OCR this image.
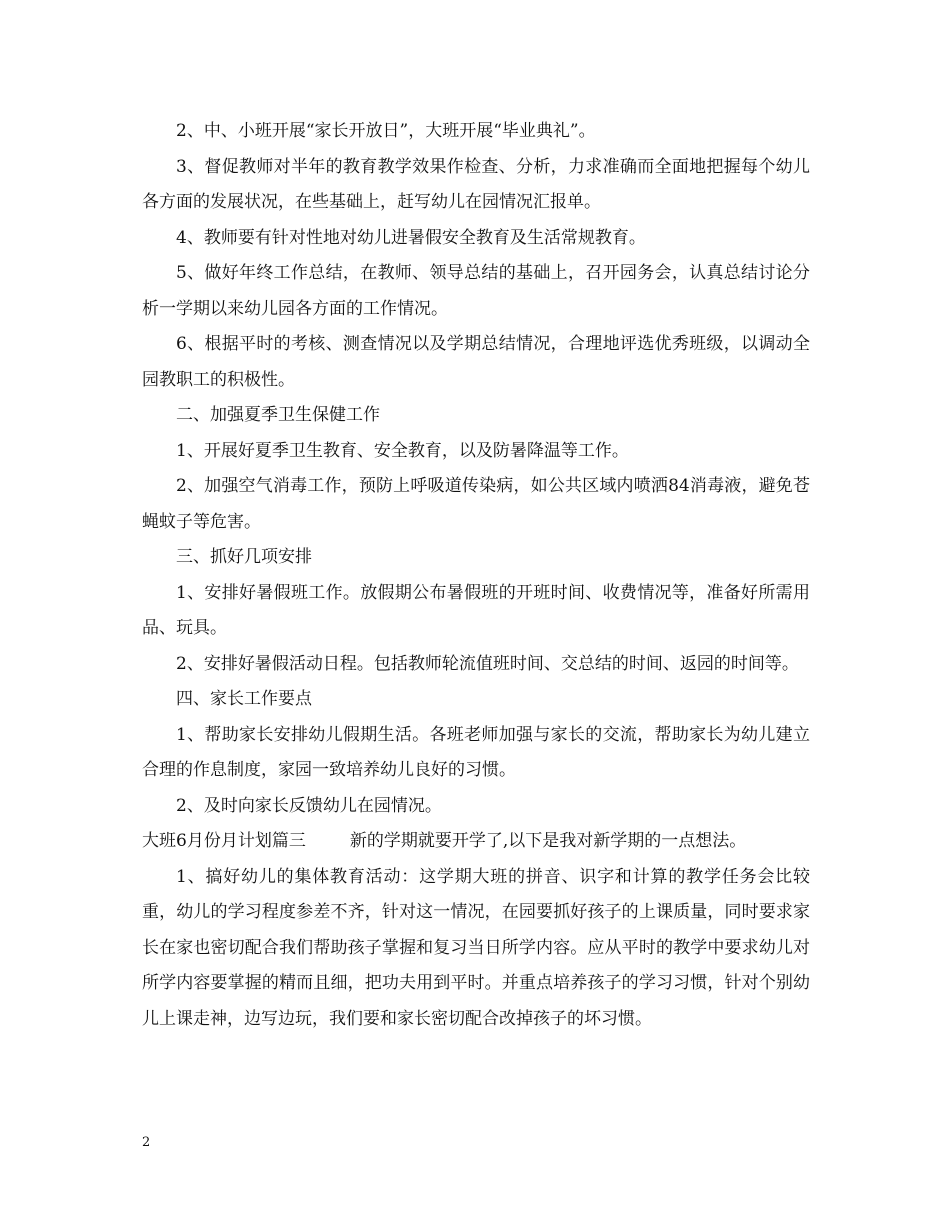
2、中、小班开展“家长开放日”，大班开展“毕业典礼”。

3、督促教师对半年的教育教学效果作检查、分析，力求准确而全面地把握每个幼儿各方面的发展状况，在些基础上，赶写幼儿在园情况汇报单。

4、教师要有针对性地对幼儿进暑假安全教育及生活常规教育。

5、做好年终工作总结，在教师、领导总结的基础上，召开园务会，认真总结讨论分析一学期以来幼儿园各方面的工作情况。

6、根据平时的考核、测查情况以及学期总结情况，合理地评选优秀班级，以调动全园教职工的积极性。

二、加强夏季卫生保健工作

1、开展好夏季卫生教育、安全教育，以及防暑降温等工作。

2、加强空气消毒工作，预防上呼吸道传染病，如公共区域内喷洒84消毒液，避免苍蝇蚊子等危害。

三、抓好几项安排

1、安排好暑假班工作。放假期公布暑假班的开班时间、收费情况等，准备好所需用品、玩具。

2、安排好暑假活动日程。包括教师轮流值班时间、交总结的时间、返园的时间等。

四、家长工作要点

1、帮助家长安排幼儿假期生活。各班老师加强与家长的交流，帮助家长为幼儿建立合理的作息制度，家园一致培养幼儿良好的习惯。

2、及时向家长反馈幼儿在园情况。

大班6月份月计划篇三	新的学期就要开学了,以下是我对新学期的一点想法。

1、搞好幼儿的集体教育活动：这学期大班的拼音、识字和计算的教学任务会比较重，幼儿的学习程度参差不齐，针对这一情况，在园要抓好孩子的上课质量，同时要求家长在家也密切配合我们帮助孩子掌握和复习当日所学内容。应从平时的教学中要求幼儿对所学内容要掌握的精而且细，把功夫用到平时。并重点培养孩子的学习习惯，针对个别幼儿上课走神，边写边玩，我们要和家长密切配合改掉孩子的坏习惯。

2
